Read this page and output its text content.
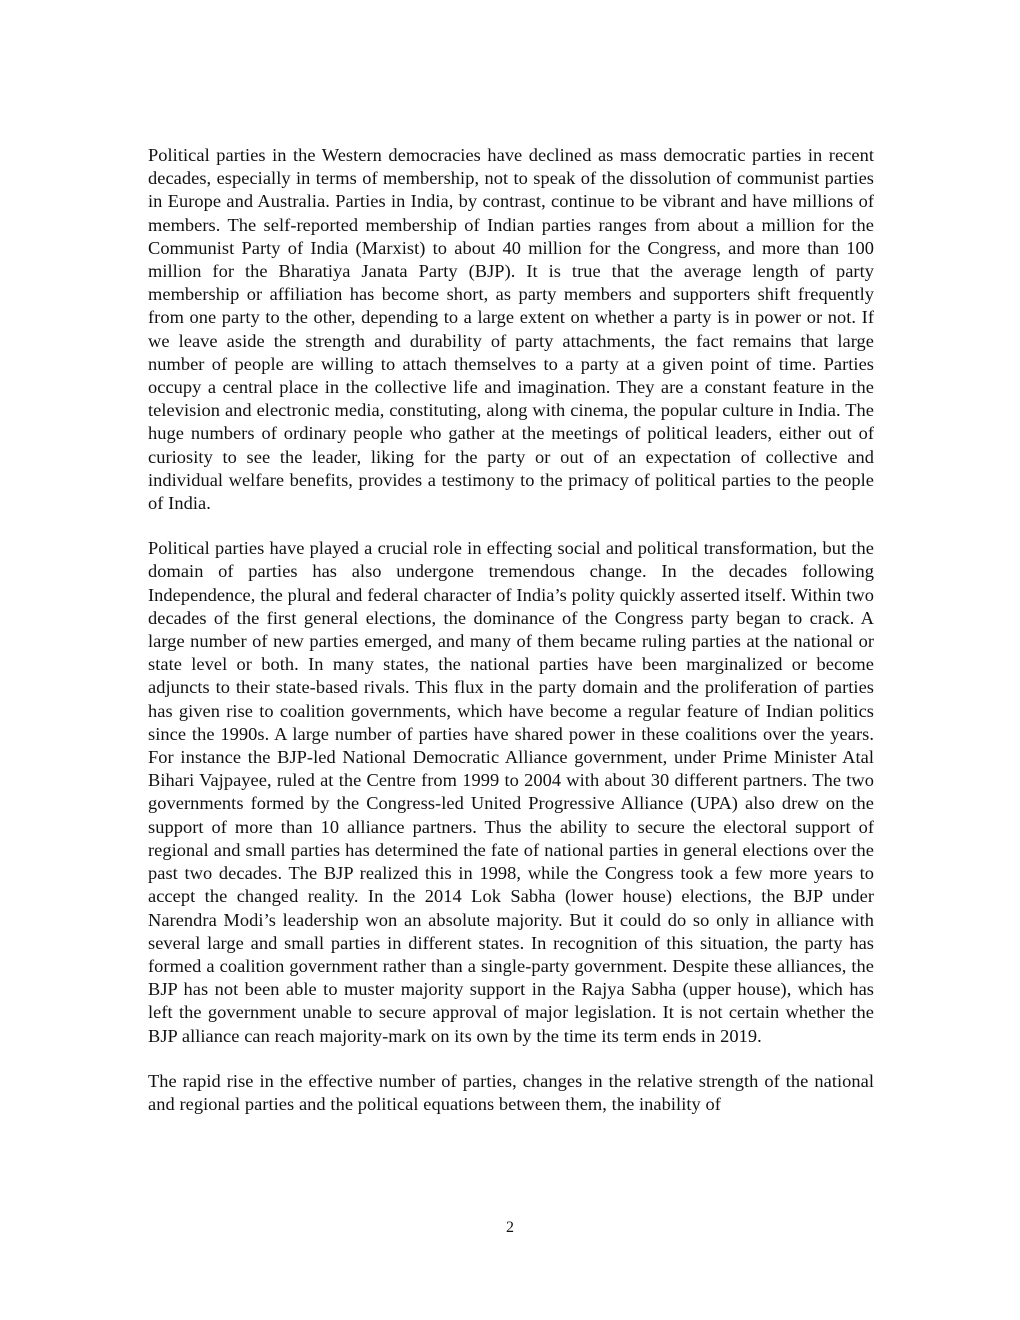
Political parties in the Western democracies have declined as mass democratic parties in recent decades, especially in terms of membership, not to speak of the dissolution of communist parties in Europe and Australia. Parties in India, by contrast, continue to be vibrant and have millions of members. The self-reported membership of Indian parties ranges from about a million for the Communist Party of India (Marxist) to about 40 million for the Congress, and more than 100 million for the Bharatiya Janata Party (BJP). It is true that the average length of party membership or affiliation has become short, as party members and supporters shift frequently from one party to the other, depending to a large extent on whether a party is in power or not. If we leave aside the strength and durability of party attachments, the fact remains that large number of people are willing to attach themselves to a party at a given point of time. Parties occupy a central place in the collective life and imagination. They are a constant feature in the television and electronic media, constituting, along with cinema, the popular culture in India. The huge numbers of ordinary people who gather at the meetings of political leaders, either out of curiosity to see the leader, liking for the party or out of an expectation of collective and individual welfare benefits, provides a testimony to the primacy of political parties to the people of India.

Political parties have played a crucial role in effecting social and political transformation, but the domain of parties has also undergone tremendous change. In the decades following Independence, the plural and federal character of India’s polity quickly asserted itself. Within two decades of the first general elections, the dominance of the Congress party began to crack. A large number of new parties emerged, and many of them became ruling parties at the national or state level or both. In many states, the national parties have been marginalized or become adjuncts to their state-based rivals. This flux in the party domain and the proliferation of parties has given rise to coalition governments, which have become a regular feature of Indian politics since the 1990s. A large number of parties have shared power in these coalitions over the years. For instance the BJP-led National Democratic Alliance government, under Prime Minister Atal Bihari Vajpayee, ruled at the Centre from 1999 to 2004 with about 30 different partners. The two governments formed by the Congress-led United Progressive Alliance (UPA) also drew on the support of more than 10 alliance partners. Thus the ability to secure the electoral support of regional and small parties has determined the fate of national parties in general elections over the past two decades. The BJP realized this in 1998, while the Congress took a few more years to accept the changed reality. In the 2014 Lok Sabha (lower house) elections, the BJP under Narendra Modi’s leadership won an absolute majority. But it could do so only in alliance with several large and small parties in different states. In recognition of this situation, the party has formed a coalition government rather than a single-party government. Despite these alliances, the BJP has not been able to muster majority support in the Rajya Sabha (upper house), which has left the government unable to secure approval of major legislation. It is not certain whether the BJP alliance can reach majority-mark on its own by the time its term ends in 2019.

The rapid rise in the effective number of parties, changes in the relative strength of the national and regional parties and the political equations between them, the inability of

2
